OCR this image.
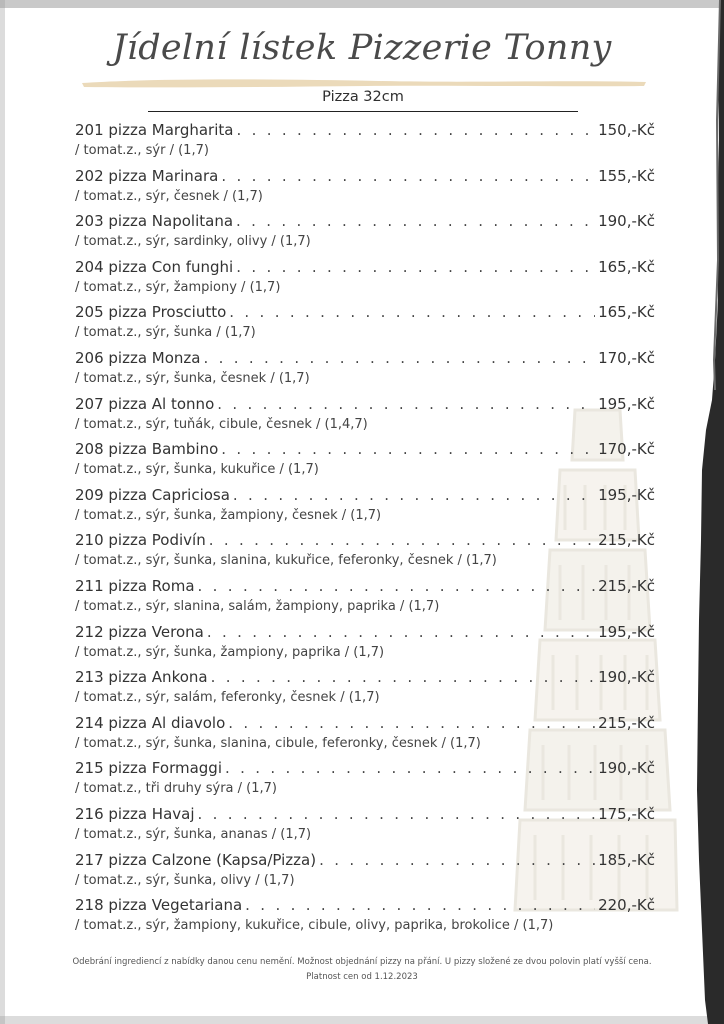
Jídelní lístek Pizzerie Tonny
Pizza 32cm
201 pizza Margharita . . .	150,-Kč
/ tomat.z., sýr / (1,7)
202 pizza Marinara . . .	155,-Kč
/ tomat.z., sýr, česnek / (1,7)
203 pizza Napolitana . . .	190,-Kč
/ tomat.z., sýr, sardinky, olivy / (1,7)
204 pizza Con funghi . . .	165,-Kč
/ tomat.z., sýr, žampiony / (1,7)
205 pizza Prosciutto . . .	165,-Kč
/ tomat.z., sýr, šunka / (1,7)
206 pizza Monza . . .	170,-Kč
/ tomat.z., sýr, šunka, česnek / (1,7)
207 pizza Al tonno . . .	195,-Kč
/ tomat.z., sýr, tuňák, cibule, česnek / (1,4,7)
208 pizza Bambino . . .	170,-Kč
/ tomat.z., sýr, šunka, kukuřice / (1,7)
209 pizza Capriciosa . . .	195,-Kč
/ tomat.z., sýr, šunka, žampiony, česnek / (1,7)
210 pizza Podivín . . .	215,-Kč
/ tomat.z., sýr, šunka, slanina, kukuřice, feferonky, česnek / (1,7)
211 pizza Roma . . .	215,-Kč
/ tomat.z., sýr, slanina, salám, žampiony, paprika / (1,7)
212 pizza Verona . . .	195,-Kč
/ tomat.z., sýr, šunka, žampiony, paprika / (1,7)
213 pizza Ankona . . .	190,-Kč
/ tomat.z., sýr, salám, feferonky, česnek / (1,7)
214 pizza Al diavolo . . .	215,-Kč
/ tomat.z., sýr, šunka, slanina, cibule, feferonky, česnek / (1,7)
215 pizza Formaggi . . .	190,-Kč
/ tomat.z., tři druhy sýra / (1,7)
216 pizza Havaj . . .	175,-Kč
/ tomat.z., sýr, šunka, ananas / (1,7)
217 pizza Calzone (Kapsa/Pizza) . . .	185,-Kč
/ tomat.z., sýr, šunka, olivy / (1,7)
218 pizza Vegetariana . . .	220,-Kč
/ tomat.z., sýr, žampiony, kukuřice, cibule, olivy, paprika, brokolice / (1,7)
Odebrání ingrediencí z nabídky danou cenu nemění. Možnost objednání pizzy na přání. U pizzy složené ze dvou polovin platí vyšší cena.
Platnost cen od 1.12.2023
